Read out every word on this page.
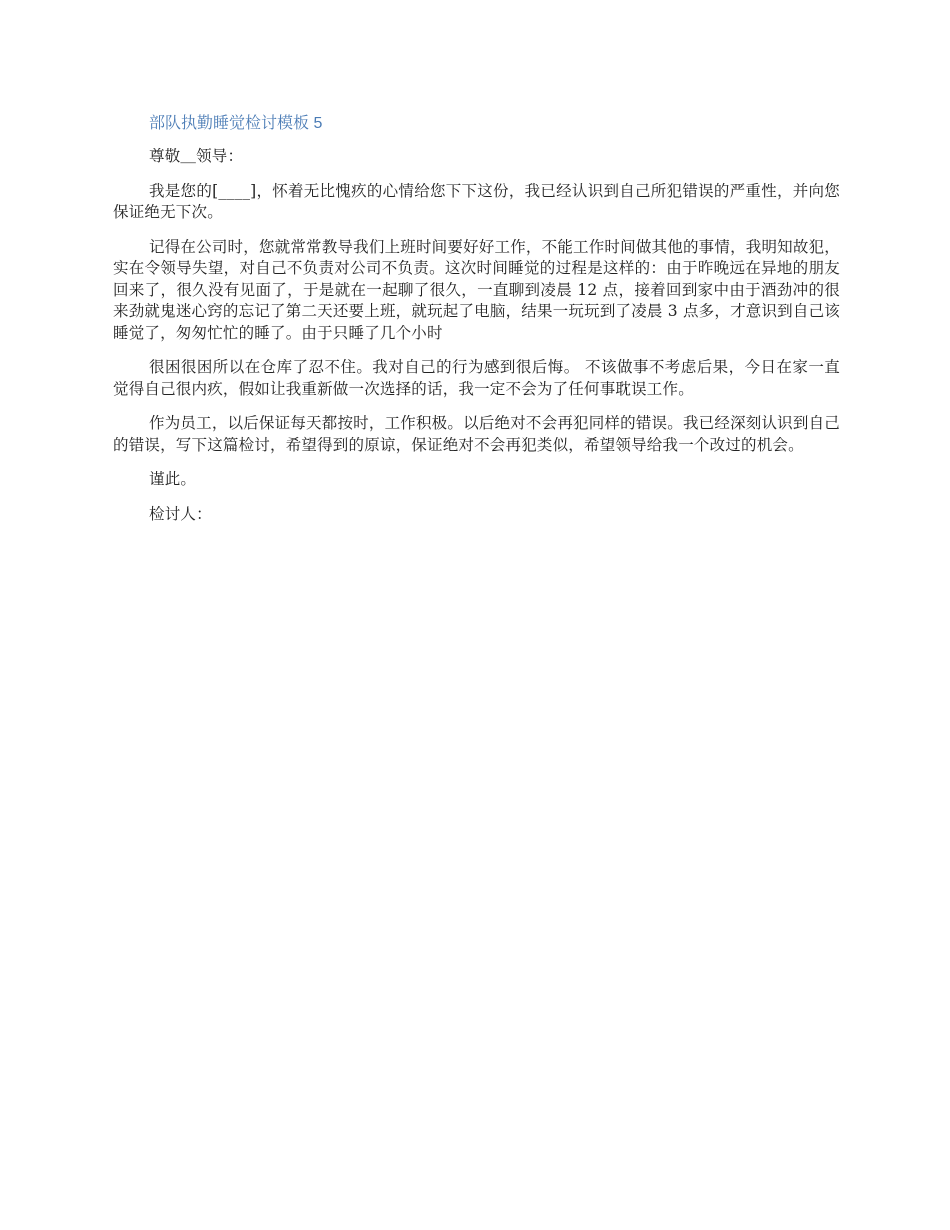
部队执勤睡觉检讨模板 5

尊敬＿领导：

我是您的[____]，怀着无比愧疚的心情给您下下这份，我已经认识到自己所犯错误的严重性，并向您保证绝无下次。

记得在公司时，您就常常教导我们上班时间要好好工作，不能工作时间做其他的事情，我明知故犯，实在令领导失望，对自己不负责对公司不负责。这次时间睡觉的过程是这样的：由于昨晚远在异地的朋友回来了，很久没有见面了，于是就在一起聊了很久，一直聊到凌晨 12 点，接着回到家中由于酒劲冲的很来劲就鬼迷心窍的忘记了第二天还要上班，就玩起了电脑，结果一玩玩到了凌晨 3 点多，才意识到自己该睡觉了，匆匆忙忙的睡了。由于只睡了几个小时

很困很困所以在仓库了忍不住。我对自己的行为感到很后悔。 不该做事不考虑后果，今日在家一直觉得自己很内疚，假如让我重新做一次选择的话，我一定不会为了任何事耽误工作。

作为员工，以后保证每天都按时，工作积极。以后绝对不会再犯同样的错误。我已经深刻认识到自己的错误，写下这篇检讨，希望得到的原谅，保证绝对不会再犯类似，希望领导给我一个改过的机会。

谨此。

检讨人：
